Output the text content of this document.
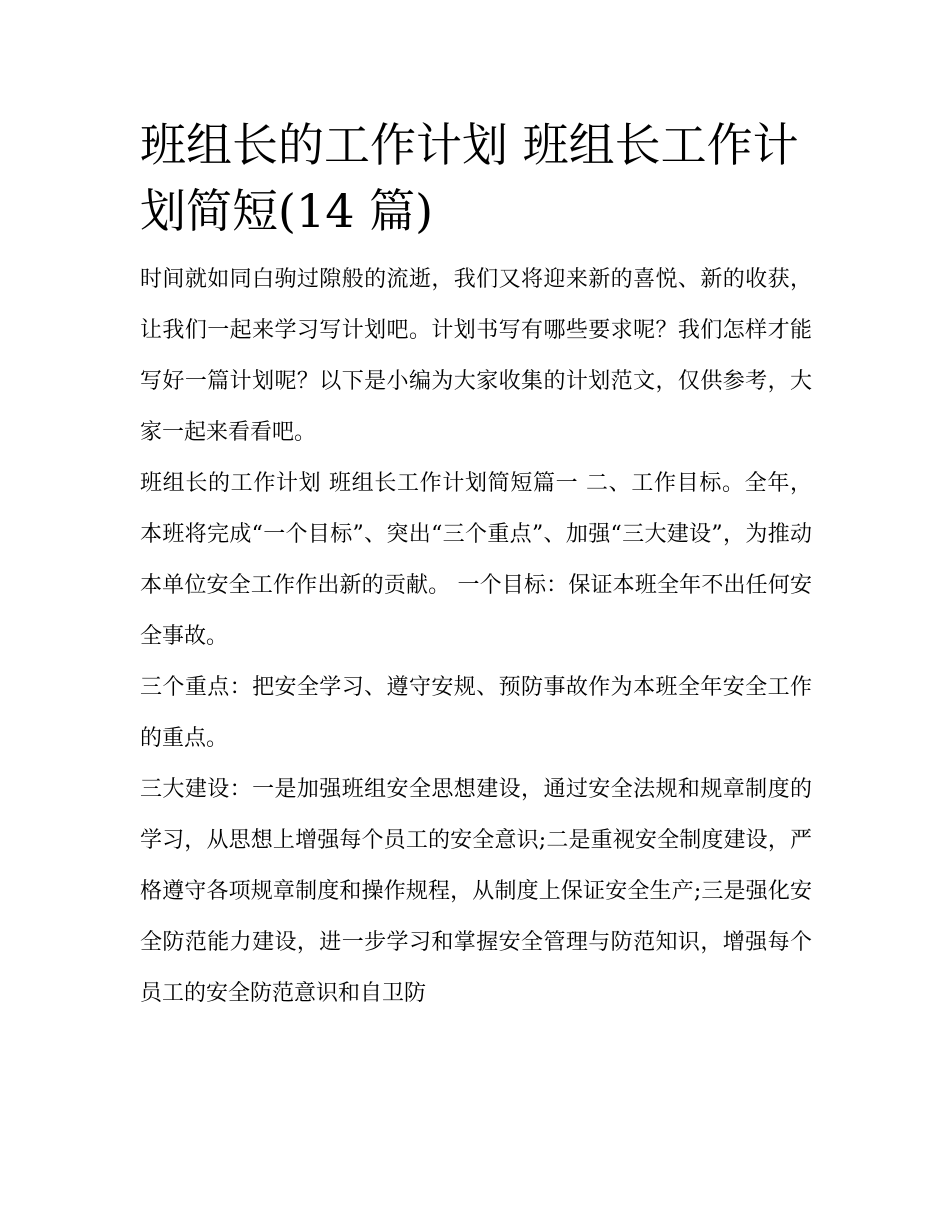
班组长的工作计划 班组长工作计划简短(14 篇)

时间就如同白驹过隙般的流逝，我们又将迎来新的喜悦、新的收获，让我们一起来学习写计划吧。计划书写有哪些要求呢？我们怎样才能写好一篇计划呢？以下是小编为大家收集的计划范文，仅供参考，大家一起来看看吧。

班组长的工作计划 班组长工作计划简短篇一 二、工作目标。全年，本班将完成“一个目标”、突出“三个重点”、加强“三大建设”，为推动本单位安全工作作出新的贡献。 一个目标：保证本班全年不出任何安全事故。

三个重点：把安全学习、遵守安规、预防事故作为本班全年安全工作的重点。

三大建设：一是加强班组安全思想建设，通过安全法规和规章制度的学习，从思想上增强每个员工的安全意识;二是重视安全制度建设，严格遵守各项规章制度和操作规程，从制度上保证安全生产;三是强化安全防范能力建设，进一步学习和掌握安全管理与防范知识，增强每个员工的安全防范意识和自卫防
